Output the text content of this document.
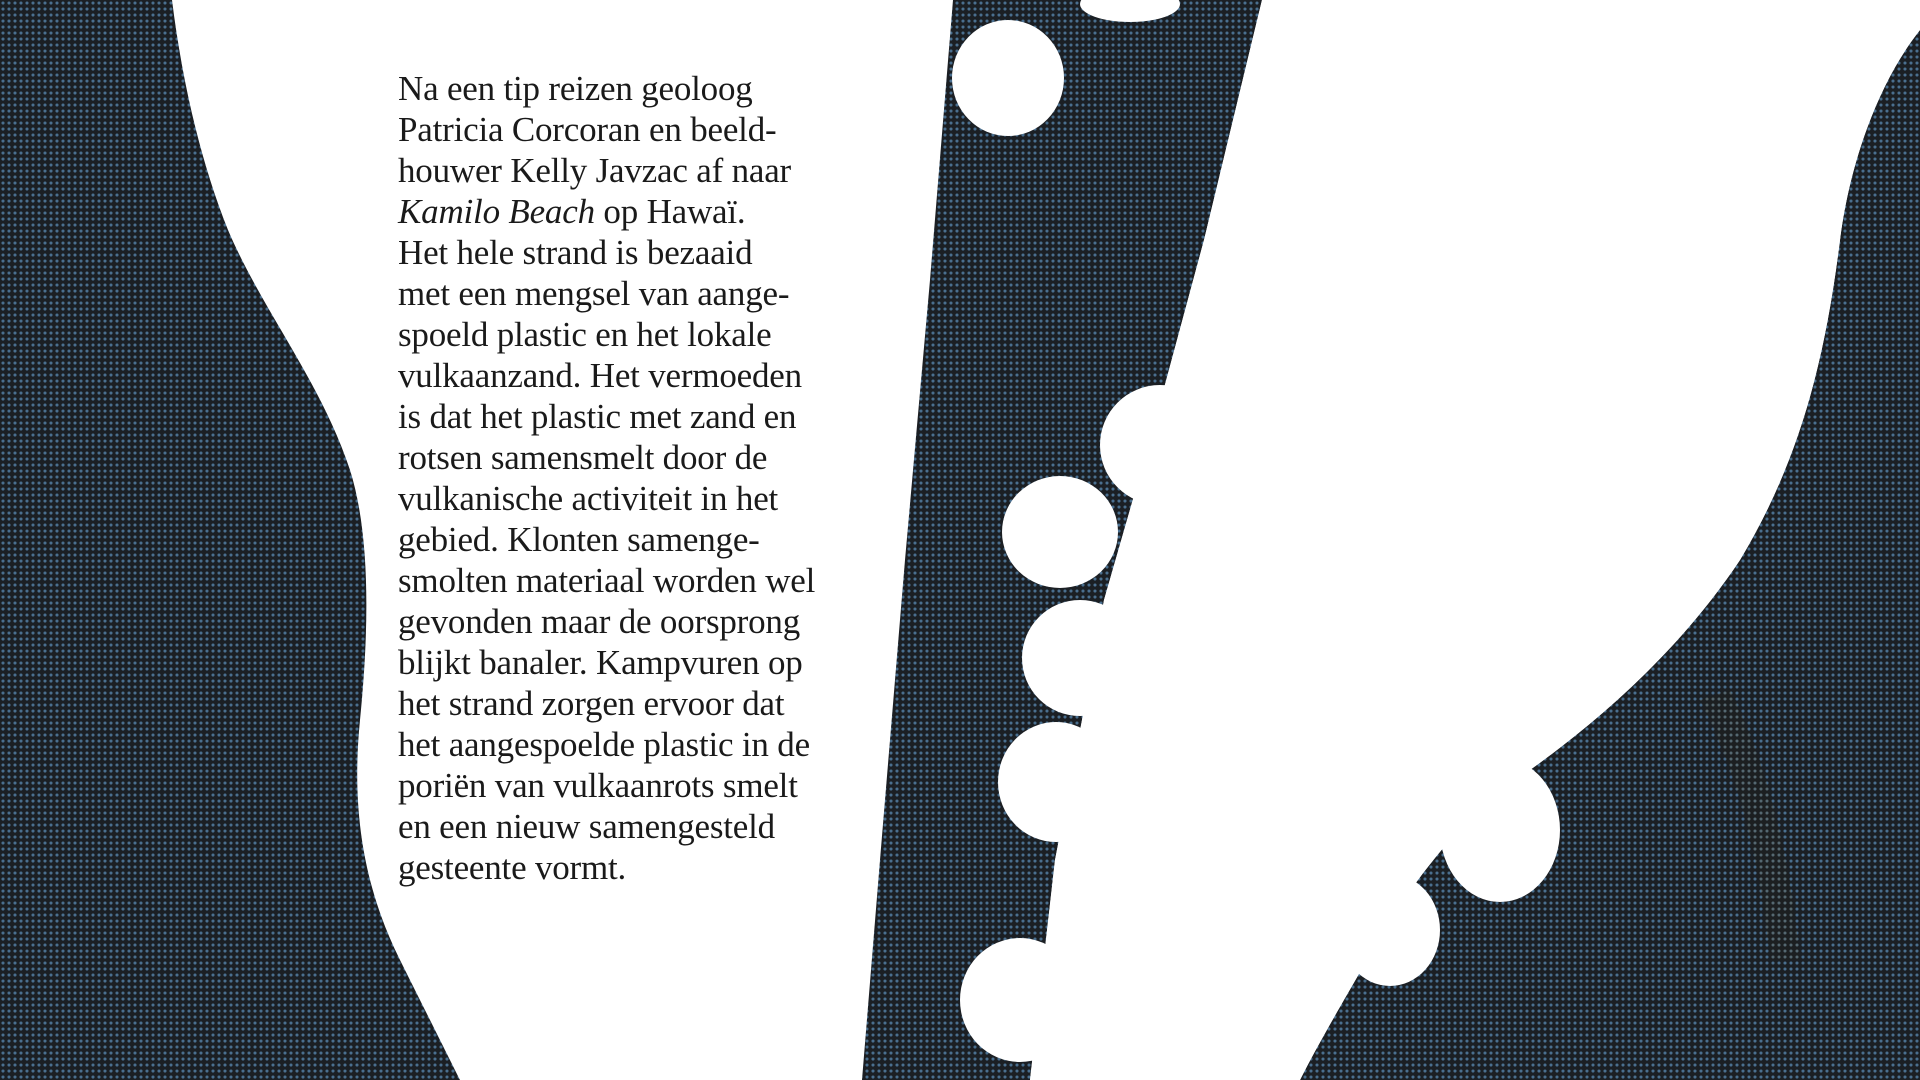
Na een tip reizen geoloog
Patricia Corcoran en beeld-
houwer Kelly Javzac af naar
Kamilo Beach op Hawaï.
Het hele strand is bezaaid
met een mengsel van aange-
spoeld plastic en het lokale
vulkaanzand. Het vermoeden
is dat het plastic met zand en
rotsen samensmelt door de
vulkanische activiteit in het
gebied. Klonten samenge-
smolten materiaal worden wel
gevonden maar de oorsprong
blijkt banaler. Kampvuren op
het strand zorgen ervoor dat
het aangespoelde plastic in de
poriën van vulkaanrots smelt
en een nieuw samengesteld
gesteente vormt.
